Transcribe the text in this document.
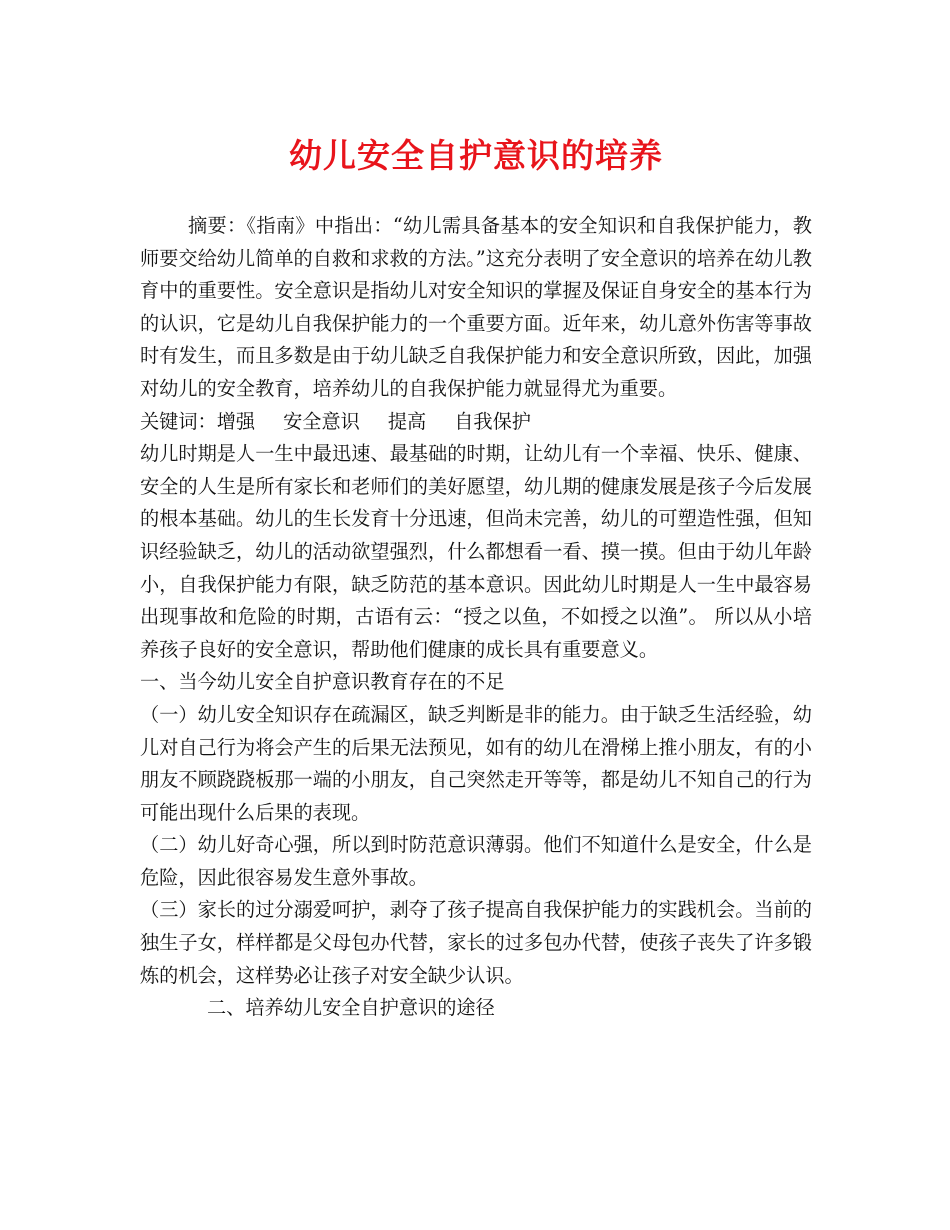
幼儿安全自护意识的培养

摘要：《指南》中指出：“幼儿需具备基本的安全知识和自我保护能力，教师要交给幼儿简单的自救和求救的方法。”这充分表明了安全意识的培养在幼儿教育中的重要性。安全意识是指幼儿对安全知识的掌握及保证自身安全的基本行为的认识，它是幼儿自我保护能力的一个重要方面。近年来，幼儿意外伤害等事故时有发生，而且多数是由于幼儿缺乏自我保护能力和安全意识所致，因此，加强对幼儿的安全教育，培养幼儿的自我保护能力就显得尤为重要。

关键词：增强 安全意识 提高 自我保护

幼儿时期是人一生中最迅速、最基础的时期，让幼儿有一个幸福、快乐、健康、安全的人生是所有家长和老师们的美好愿望，幼儿期的健康发展是孩子今后发展的根本基础。幼儿的生长发育十分迅速，但尚未完善，幼儿的可塑造性强，但知识经验缺乏，幼儿的活动欲望强烈，什么都想看一看、摸一摸。但由于幼儿年龄小，自我保护能力有限，缺乏防范的基本意识。因此幼儿时期是人一生中最容易出现事故和危险的时期，古语有云：“授之以鱼，不如授之以渔”。 所以从小培养孩子良好的安全意识，帮助他们健康的成长具有重要意义。

一、当今幼儿安全自护意识教育存在的不足

（一）幼儿安全知识存在疏漏区，缺乏判断是非的能力。由于缺乏生活经验，幼儿对自己行为将会产生的后果无法预见，如有的幼儿在滑梯上推小朋友，有的小朋友不顾跷跷板那一端的小朋友，自己突然走开等等，都是幼儿不知自己的行为可能出现什么后果的表现。

（二）幼儿好奇心强，所以到时防范意识薄弱。他们不知道什么是安全，什么是危险，因此很容易发生意外事故。

（三）家长的过分溺爱呵护，剥夺了孩子提高自我保护能力的实践机会。当前的独生子女，样样都是父母包办代替，家长的过多包办代替，使孩子丧失了许多锻炼的机会，这样势必让孩子对安全缺少认识。

二、培养幼儿安全自护意识的途径
